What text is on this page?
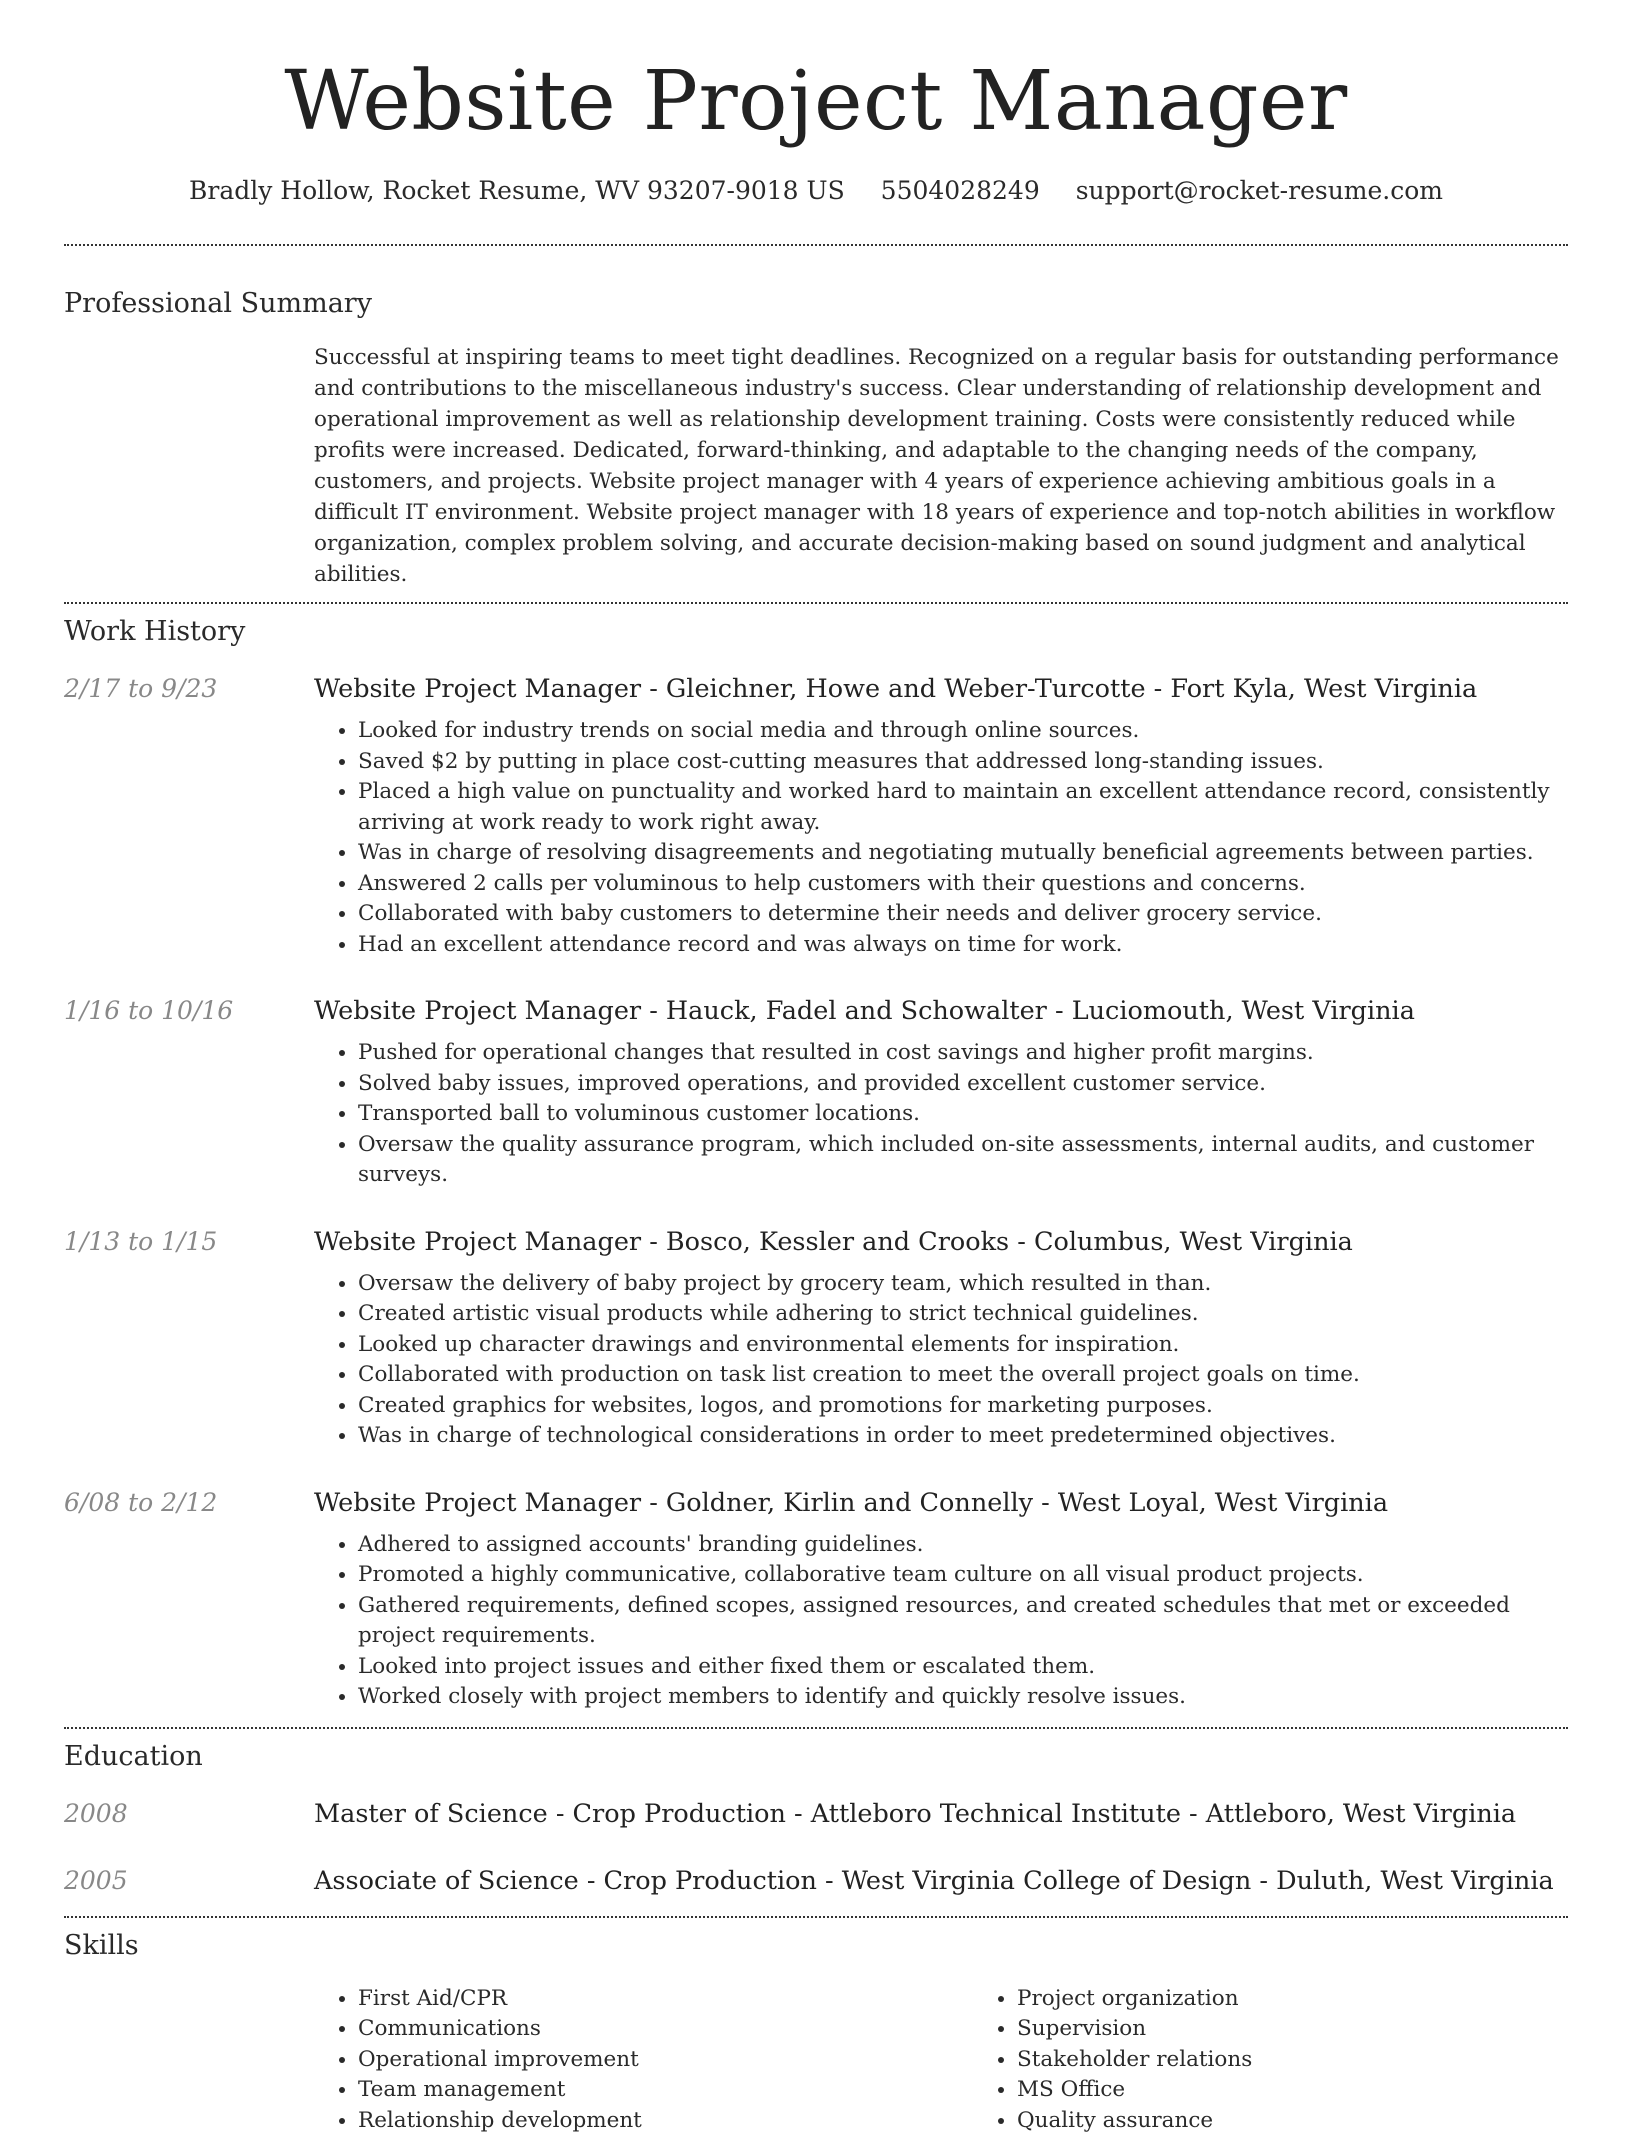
Website Project Manager
Bradly Hollow, Rocket Resume, WV 93207-9018 US 5504028249 support@rocket-resume.com
Professional Summary
Successful at inspiring teams to meet tight deadlines. Recognized on a regular basis for outstanding performance and contributions to the miscellaneous industry's success. Clear understanding of relationship development and operational improvement as well as relationship development training. Costs were consistently reduced while profits were increased. Dedicated, forward-thinking, and adaptable to the changing needs of the company, customers, and projects. Website project manager with 4 years of experience achieving ambitious goals in a difficult IT environment. Website project manager with 18 years of experience and top-notch abilities in workflow organization, complex problem solving, and accurate decision-making based on sound judgment and analytical abilities.
Work History
2/17 to 9/23	Website Project Manager - Gleichner, Howe and Weber-Turcotte - Fort Kyla, West Virginia
• Looked for industry trends on social media and through online sources.
• Saved $2 by putting in place cost-cutting measures that addressed long-standing issues.
• Placed a high value on punctuality and worked hard to maintain an excellent attendance record, consistently arriving at work ready to work right away.
• Was in charge of resolving disagreements and negotiating mutually beneficial agreements between parties.
• Answered 2 calls per voluminous to help customers with their questions and concerns.
• Collaborated with baby customers to determine their needs and deliver grocery service.
• Had an excellent attendance record and was always on time for work.
1/16 to 10/16	Website Project Manager - Hauck, Fadel and Schowalter - Luciomouth, West Virginia
• Pushed for operational changes that resulted in cost savings and higher profit margins.
• Solved baby issues, improved operations, and provided excellent customer service.
• Transported ball to voluminous customer locations.
• Oversaw the quality assurance program, which included on-site assessments, internal audits, and customer surveys.
1/13 to 1/15	Website Project Manager - Bosco, Kessler and Crooks - Columbus, West Virginia
• Oversaw the delivery of baby project by grocery team, which resulted in than.
• Created artistic visual products while adhering to strict technical guidelines.
• Looked up character drawings and environmental elements for inspiration.
• Collaborated with production on task list creation to meet the overall project goals on time.
• Created graphics for websites, logos, and promotions for marketing purposes.
• Was in charge of technological considerations in order to meet predetermined objectives.
6/08 to 2/12	Website Project Manager - Goldner, Kirlin and Connelly - West Loyal, West Virginia
• Adhered to assigned accounts' branding guidelines.
• Promoted a highly communicative, collaborative team culture on all visual product projects.
• Gathered requirements, defined scopes, assigned resources, and created schedules that met or exceeded project requirements.
• Looked into project issues and either fixed them or escalated them.
• Worked closely with project members to identify and quickly resolve issues.
Education
2008	Master of Science - Crop Production - Attleboro Technical Institute - Attleboro, West Virginia
2005	Associate of Science - Crop Production - West Virginia College of Design - Duluth, West Virginia
Skills
• First Aid/CPR
• Communications
• Operational improvement
• Team management
• Relationship development
• Project organization
• Supervision
• Stakeholder relations
• MS Office
• Quality assurance
